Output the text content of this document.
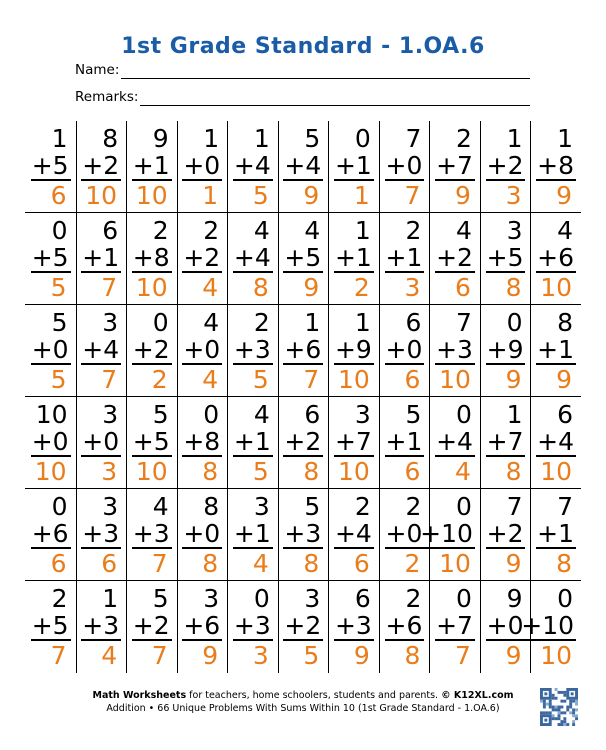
1st Grade Standard - 1.OA.6
Name:
Remarks:
1
+5
6
8
+2
10
9
+1
10
1
+0
1
1
+4
5
5
+4
9
0
+1
1
7
+0
7
2
+7
9
1
+2
3
1
+8
9
0
+5
5
6
+1
7
2
+8
10
2
+2
4
4
+4
8
4
+5
9
1
+1
2
2
+1
3
4
+2
6
3
+5
8
4
+6
10
5
+0
5
3
+4
7
0
+2
2
4
+0
4
2
+3
5
1
+6
7
1
+9
10
6
+0
6
7
+3
10
0
+9
9
8
+1
9
10
+0
10
3
+0
3
5
+5
10
0
+8
8
4
+1
5
6
+2
8
3
+7
10
5
+1
6
0
+4
4
1
+7
8
6
+4
10
0
+6
6
3
+3
6
4
+3
7
8
+0
8
3
+1
4
5
+3
8
2
+4
6
2
+0
2
0
+10
10
7
+2
9
7
+1
8
2
+5
7
1
+3
4
5
+2
7
3
+6
9
0
+3
3
3
+2
5
6
+3
9
2
+6
8
0
+7
7
9
+0
9
0
+10
10
Math Worksheets for teachers, home schoolers, students and parents. © K12XL.com
Addition • 66 Unique Problems With Sums Within 10 (1st Grade Standard - 1.OA.6)
